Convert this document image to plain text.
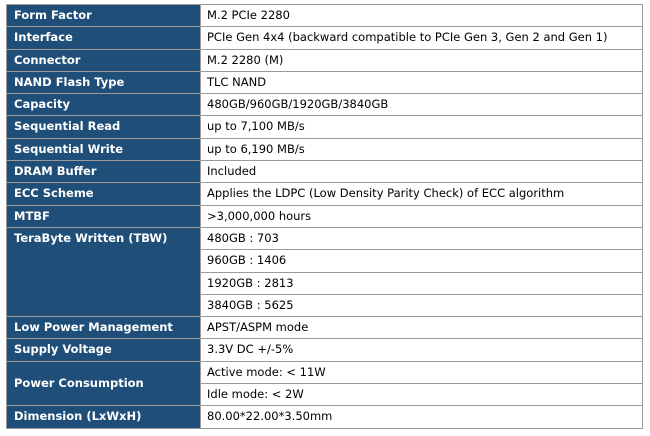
Form Factor	M.2 PCIe 2280
Interface	PCIe Gen 4x4 (backward compatible to PCIe Gen 3, Gen 2 and Gen 1)
Connector	M.2 2280 (M)
NAND Flash Type	TLC NAND
Capacity	480GB/960GB/1920GB/3840GB
Sequential Read	up to 7,100 MB/s
Sequential Write	up to 6,190 MB/s
DRAM Buffer	Included
ECC Scheme	Applies the LDPC (Low Density Parity Check) of ECC algorithm
MTBF	>3,000,000 hours
TeraByte Written (TBW)	480GB : 703
960GB : 1406
1920GB : 2813
3840GB : 5625

Low Power Management	APST/ASPM mode
Supply Voltage	3.3V DC +/-5%
Power Consumption	Active mode: < 11W
Idle mode: < 2W

Dimension (LxWxH)	80.00*22.00*3.50mm
